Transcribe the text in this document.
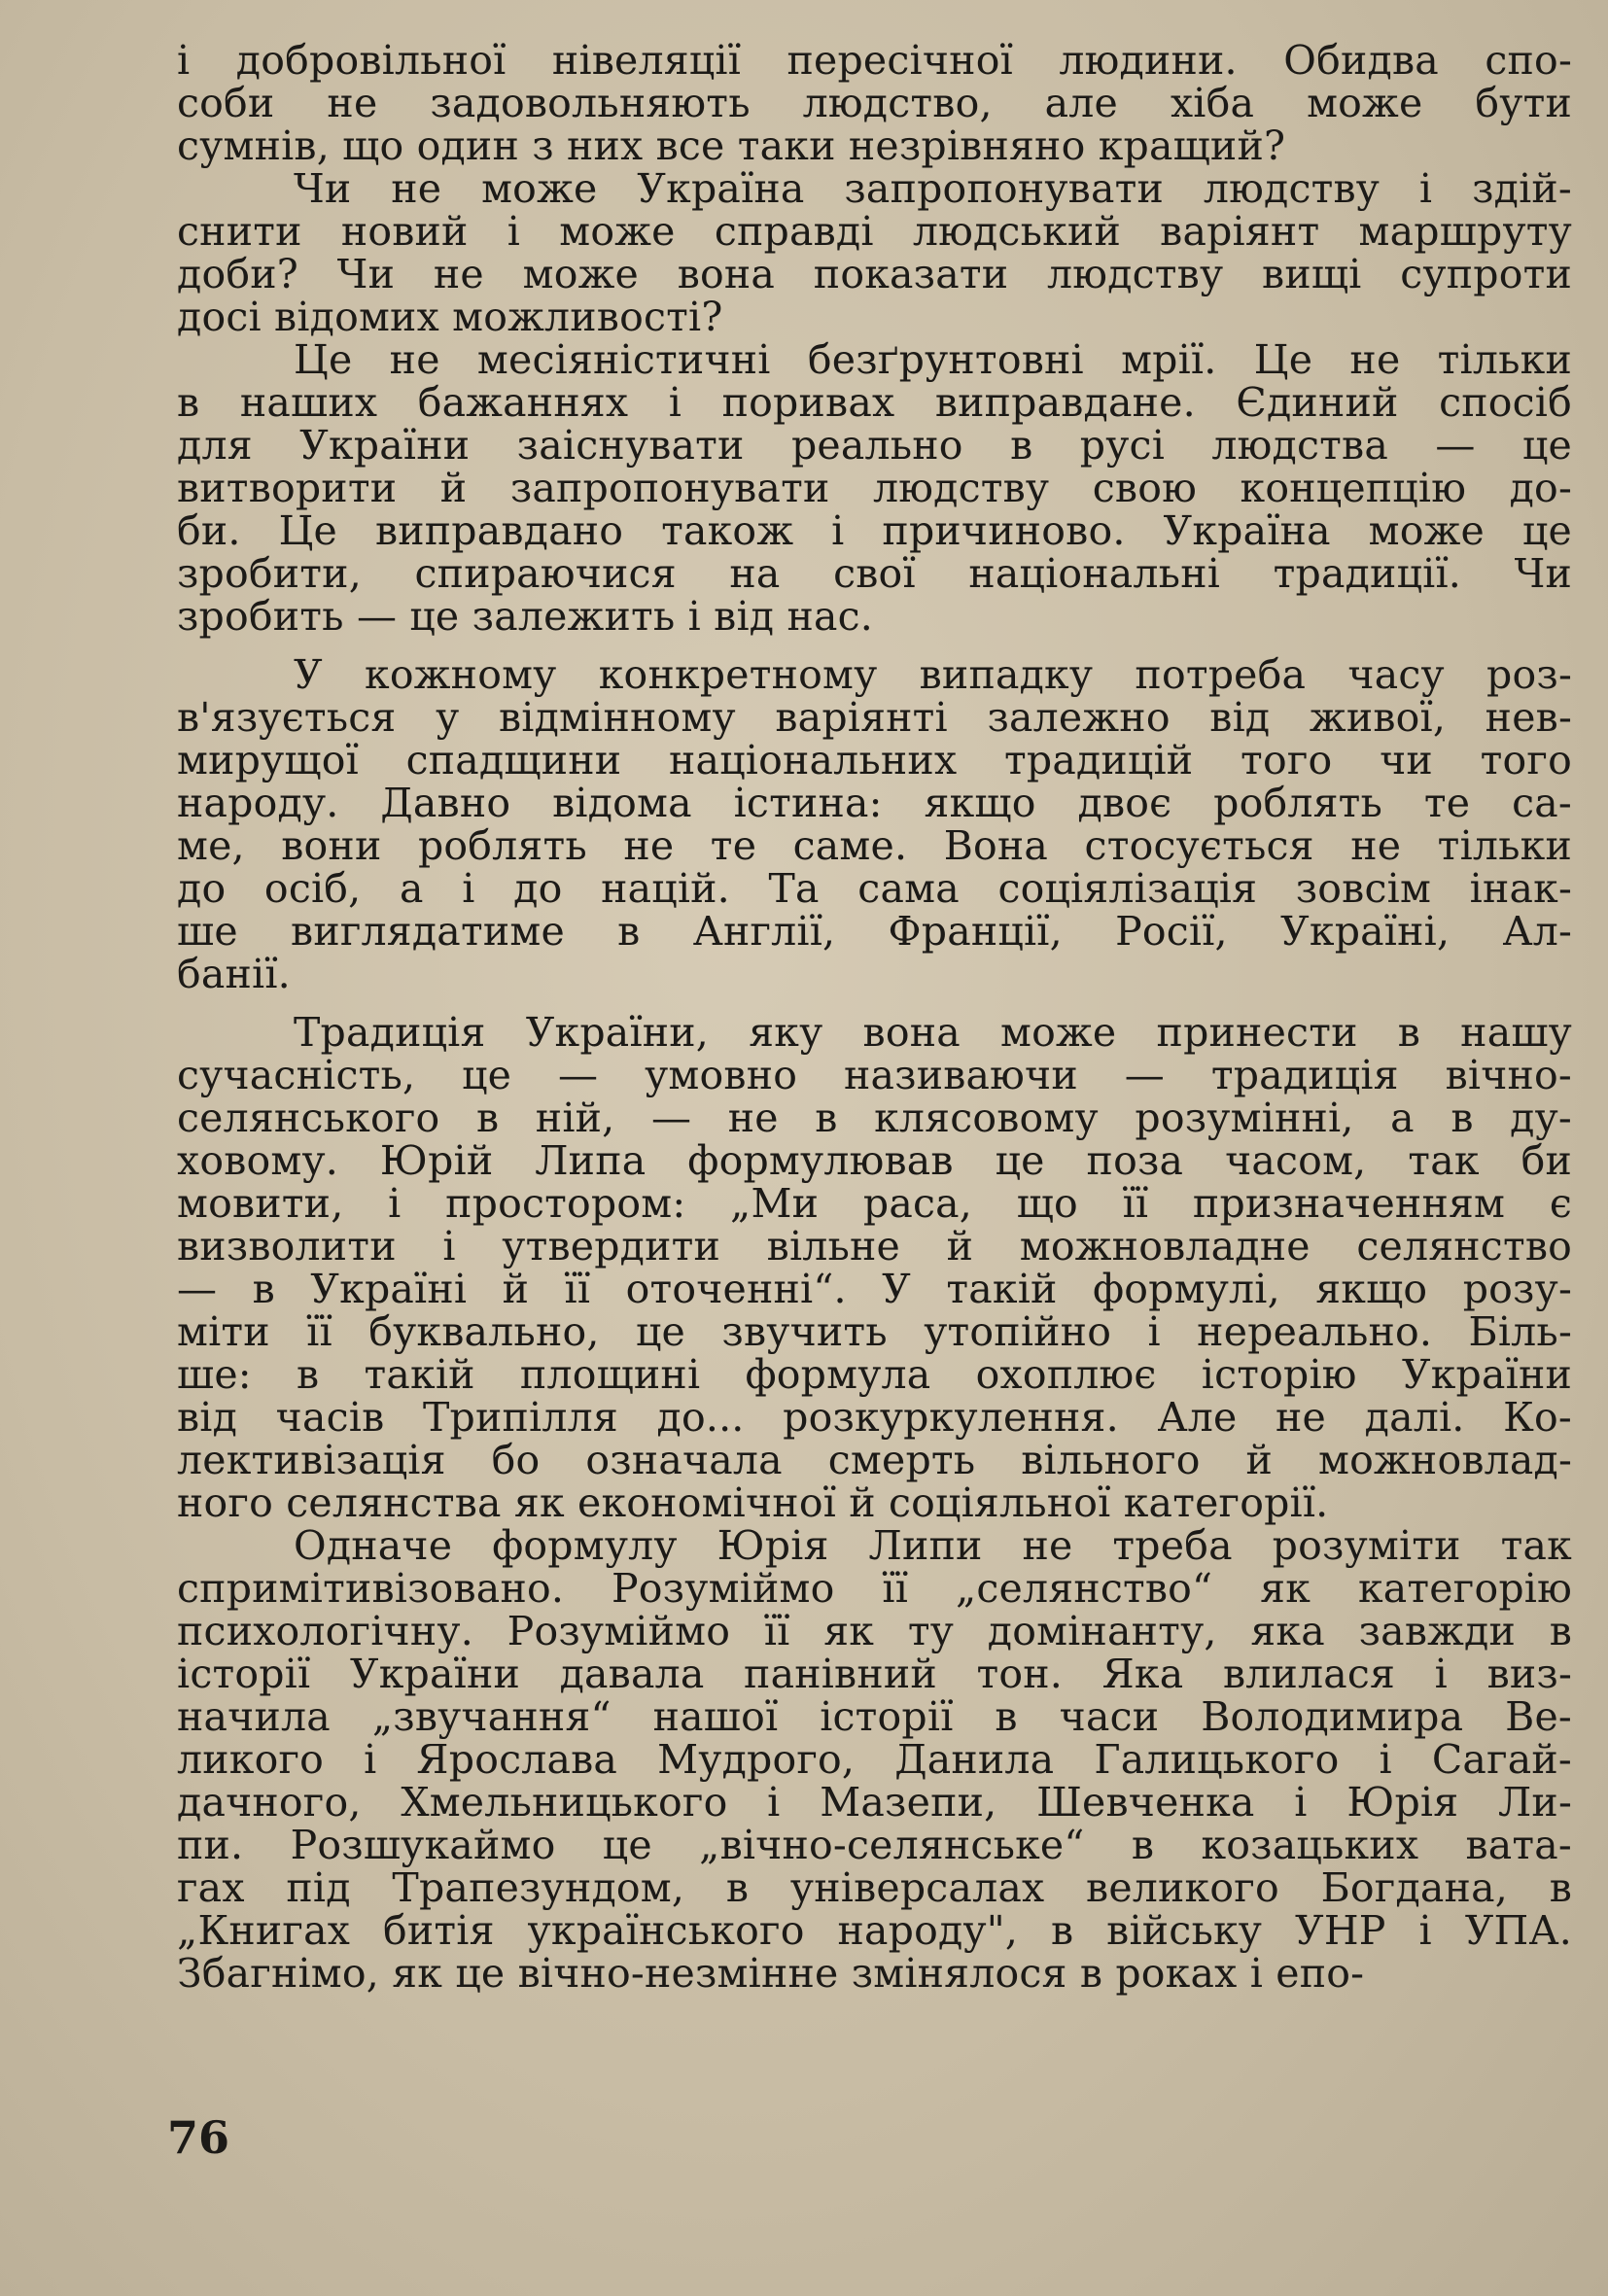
і добровільної нівеляції пересічної людини. Обидва спо-
соби не задовольняють людство, але хіба може бути
сумнів, що один з них все таки незрівняно кращий?
Чи не може Україна запропонувати людству і здій-
снити новий і може справді людський варіянт маршруту
доби? Чи не може вона показати людству вищі супроти
досі відомих можливості?
Це не месіяністичні безґрунтовні мрії. Це не тільки
в наших бажаннях і поривах виправдане. Єдиний спосіб
для України заіснувати реально в русі людства — це
витворити й запропонувати людству свою концепцію до-
би. Це виправдано також і причиново. Україна може це
зробити, спираючися на свої національні традиції. Чи
зробить — це залежить і від нас.
У кожному конкретному випадку потреба часу роз-
в'язується у відмінному варіянті залежно від живої, нев-
мирущої спадщини національних традицій того чи того
народу. Давно відома істина: якщо двоє роблять те са-
ме, вони роблять не те саме. Вона стосується не тільки
до осіб, а і до націй. Та сама соціялізація зовсім інак-
ше виглядатиме в Англії, Франції, Росії, Україні, Ал-
банії.
Традиція України, яку вона може принести в нашу
сучасність, це — умовно називаючи — традиція вічно-
селянського в ній, — не в клясовому розумінні, а в ду-
ховому. Юрій Липа формулював це поза часом, так би
мовити, і простором: „Ми раса, що її призначенням є
визволити і утвердити вільне й можновладне селянство
— в Україні й її оточенні“. У такій формулі, якщо розу-
міти її буквально, це звучить утопійно і нереально. Біль-
ше: в такій площині формула охоплює історію України
від часів Трипілля до... розкуркулення. Але не далі. Ко-
лективізація бо означала смерть вільного й можновлад-
ного селянства як економічної й соціяльної категорії.
Одначе формулу Юрія Липи не треба розуміти так
спримітивізовано. Розуміймо її „селянство“ як категорію
психологічну. Розуміймо її як ту домінанту, яка завжди в
історії України давала панівний тон. Яка влилася і виз-
начила „звучання“ нашої історії в часи Володимира Ве-
ликого і Ярослава Мудрого, Данила Галицького і Сагай-
дачного, Хмельницького і Мазепи, Шевченка і Юрія Ли-
пи. Розшукаймо це „вічно-селянське“ в козацьких вата-
гах під Трапезундом, в універсалах великого Богдана, в
„Книгах битія українського народу", в війську УНР і УПА.
Збагнімо, як це вічно-незмінне змінялося в роках і епо-
76
